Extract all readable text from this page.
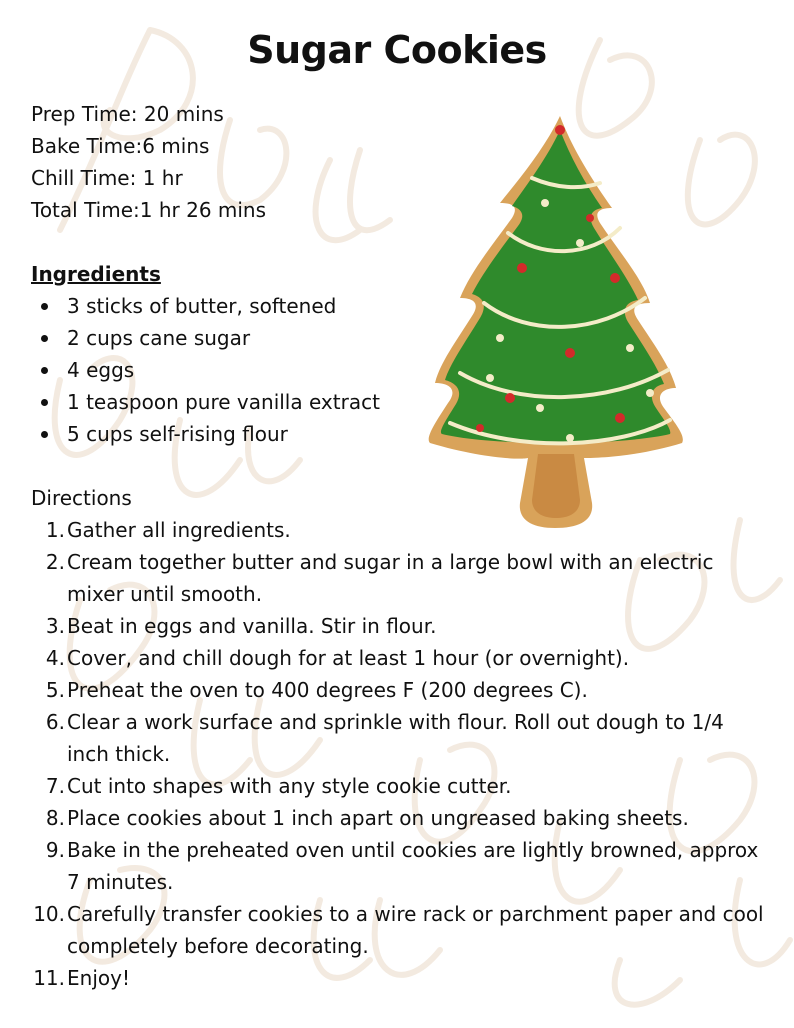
Sugar Cookies
Prep Time: 20 mins
Bake Time:6 mins
Chill Time: 1 hr
Total Time:1 hr 26 mins
Ingredients
3 sticks of butter, softened
2 cups cane sugar
4 eggs
1 teaspoon pure vanilla extract
5 cups self-rising flour
Directions
1. Gather all ingredients.
2. Cream together butter and sugar in a large bowl with an electric mixer until smooth.
3. Beat in eggs and vanilla. Stir in flour.
4. Cover, and chill dough for at least 1 hour (or overnight).
5. Preheat the oven to 400 degrees F (200 degrees C).
6. Clear a work surface and sprinkle with flour. Roll out dough to 1/4 inch thick.
7. Cut into shapes with any style cookie cutter.
8. Place cookies about 1 inch apart on ungreased baking sheets.
9. Bake in the preheated oven until cookies are lightly browned, approx 7 minutes.
10. Carefully transfer cookies to a wire rack or parchment paper and cool completely before decorating.
11. Enjoy!
